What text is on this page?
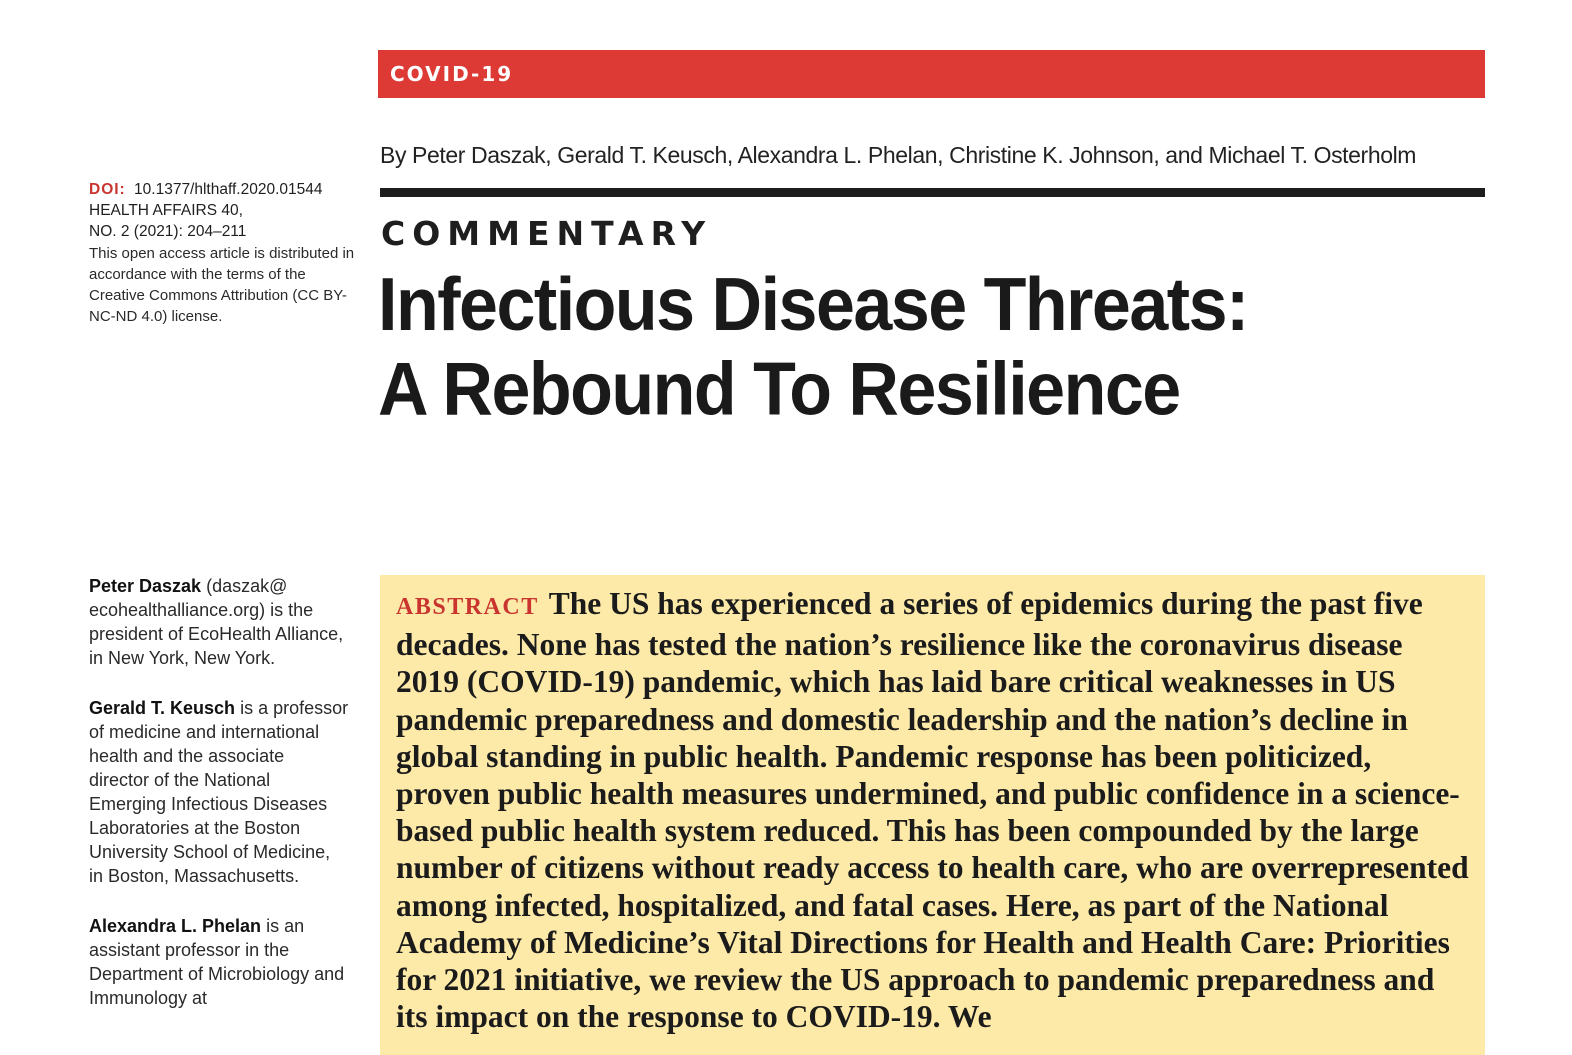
COVID-19
By Peter Daszak, Gerald T. Keusch, Alexandra L. Phelan, Christine K. Johnson, and Michael T. Osterholm
COMMENTARY
Infectious Disease Threats:
A Rebound To Resilience
DOI: 10.1377/hlthaff.2020.01544
HEALTH AFFAIRS 40,
NO. 2 (2021): 204–211
This open access article is distributed in accordance with the terms of the Creative Commons Attribution (CC BY-NC-ND 4.0) license.

Peter Daszak (daszak@ ecohealthalliance.org) is the president of EcoHealth Alliance, in New York, New York.

Gerald T. Keusch is a professor of medicine and international health and the associate director of the National Emerging Infectious Diseases Laboratories at the Boston University School of Medicine, in Boston, Massachusetts.

Alexandra L. Phelan is an assistant professor in the Department of Microbiology and Immunology at

ABSTRACT The US has experienced a series of epidemics during the past five decades. None has tested the nation’s resilience like the coronavirus disease 2019 (COVID-19) pandemic, which has laid bare critical weaknesses in US pandemic preparedness and domestic leadership and the nation’s decline in global standing in public health. Pandemic response has been politicized, proven public health measures undermined, and public confidence in a science-based public health system reduced. This has been compounded by the large number of citizens without ready access to health care, who are overrepresented among infected, hospitalized, and fatal cases. Here, as part of the National Academy of Medicine’s Vital Directions for Health and Health Care: Priorities for 2021 initiative, we review the US approach to pandemic preparedness and its impact on the response to COVID-19. We
